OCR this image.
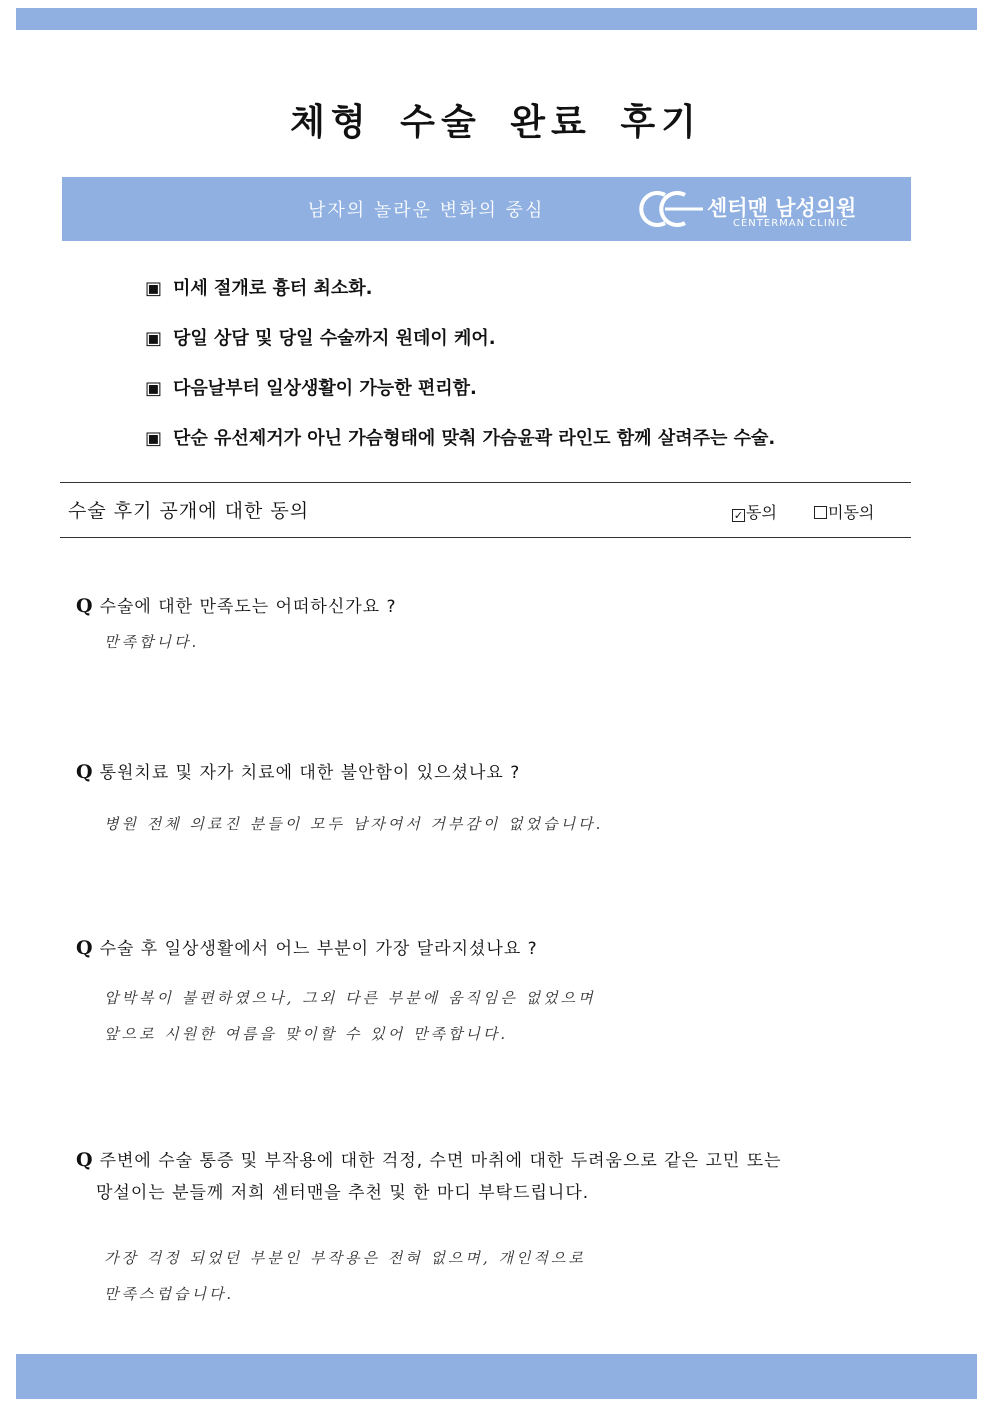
체형 수술 완료 후기
남자의 놀라운 변화의 중심	센터맨 남성의원
CENTERMAN CLINIC
▣ 미세 절개로 흉터 최소화.
▣ 당일 상담 및 당일 수술까지 원데이 케어.
▣ 다음날부터 일상생활이 가능한 편리함.
▣ 단순 유선제거가 아닌 가슴형태에 맞춰 가슴윤곽 라인도 함께 살려주는 수술.
수술 후기 공개에 대한 동의	✓ 동의	미동의
Q 수술에 대한 만족도는 어떠하신가요 ?
만족합니다.
Q 통원치료 및 자가 치료에 대한 불안함이 있으셨나요 ?
병원 전체 의료진 분들이 모두 남자여서 거부감이 없었습니다.
Q 수술 후 일상생활에서 어느 부분이 가장 달라지셨나요 ?
압박복이 불편하였으나, 그외 다른 부분에 움직임은 없었으며
앞으로 시원한 여름을 맞이할 수 있어 만족합니다.
Q 주변에 수술 통증 및 부작용에 대한 걱정, 수면 마취에 대한 두려움으로 같은 고민 또는
망설이는 분들께 저희 센터맨을 추천 및 한 마디 부탁드립니다.
가장 걱정 되었던 부분인 부작용은 전혀 없으며, 개인적으로
만족스럽습니다.
